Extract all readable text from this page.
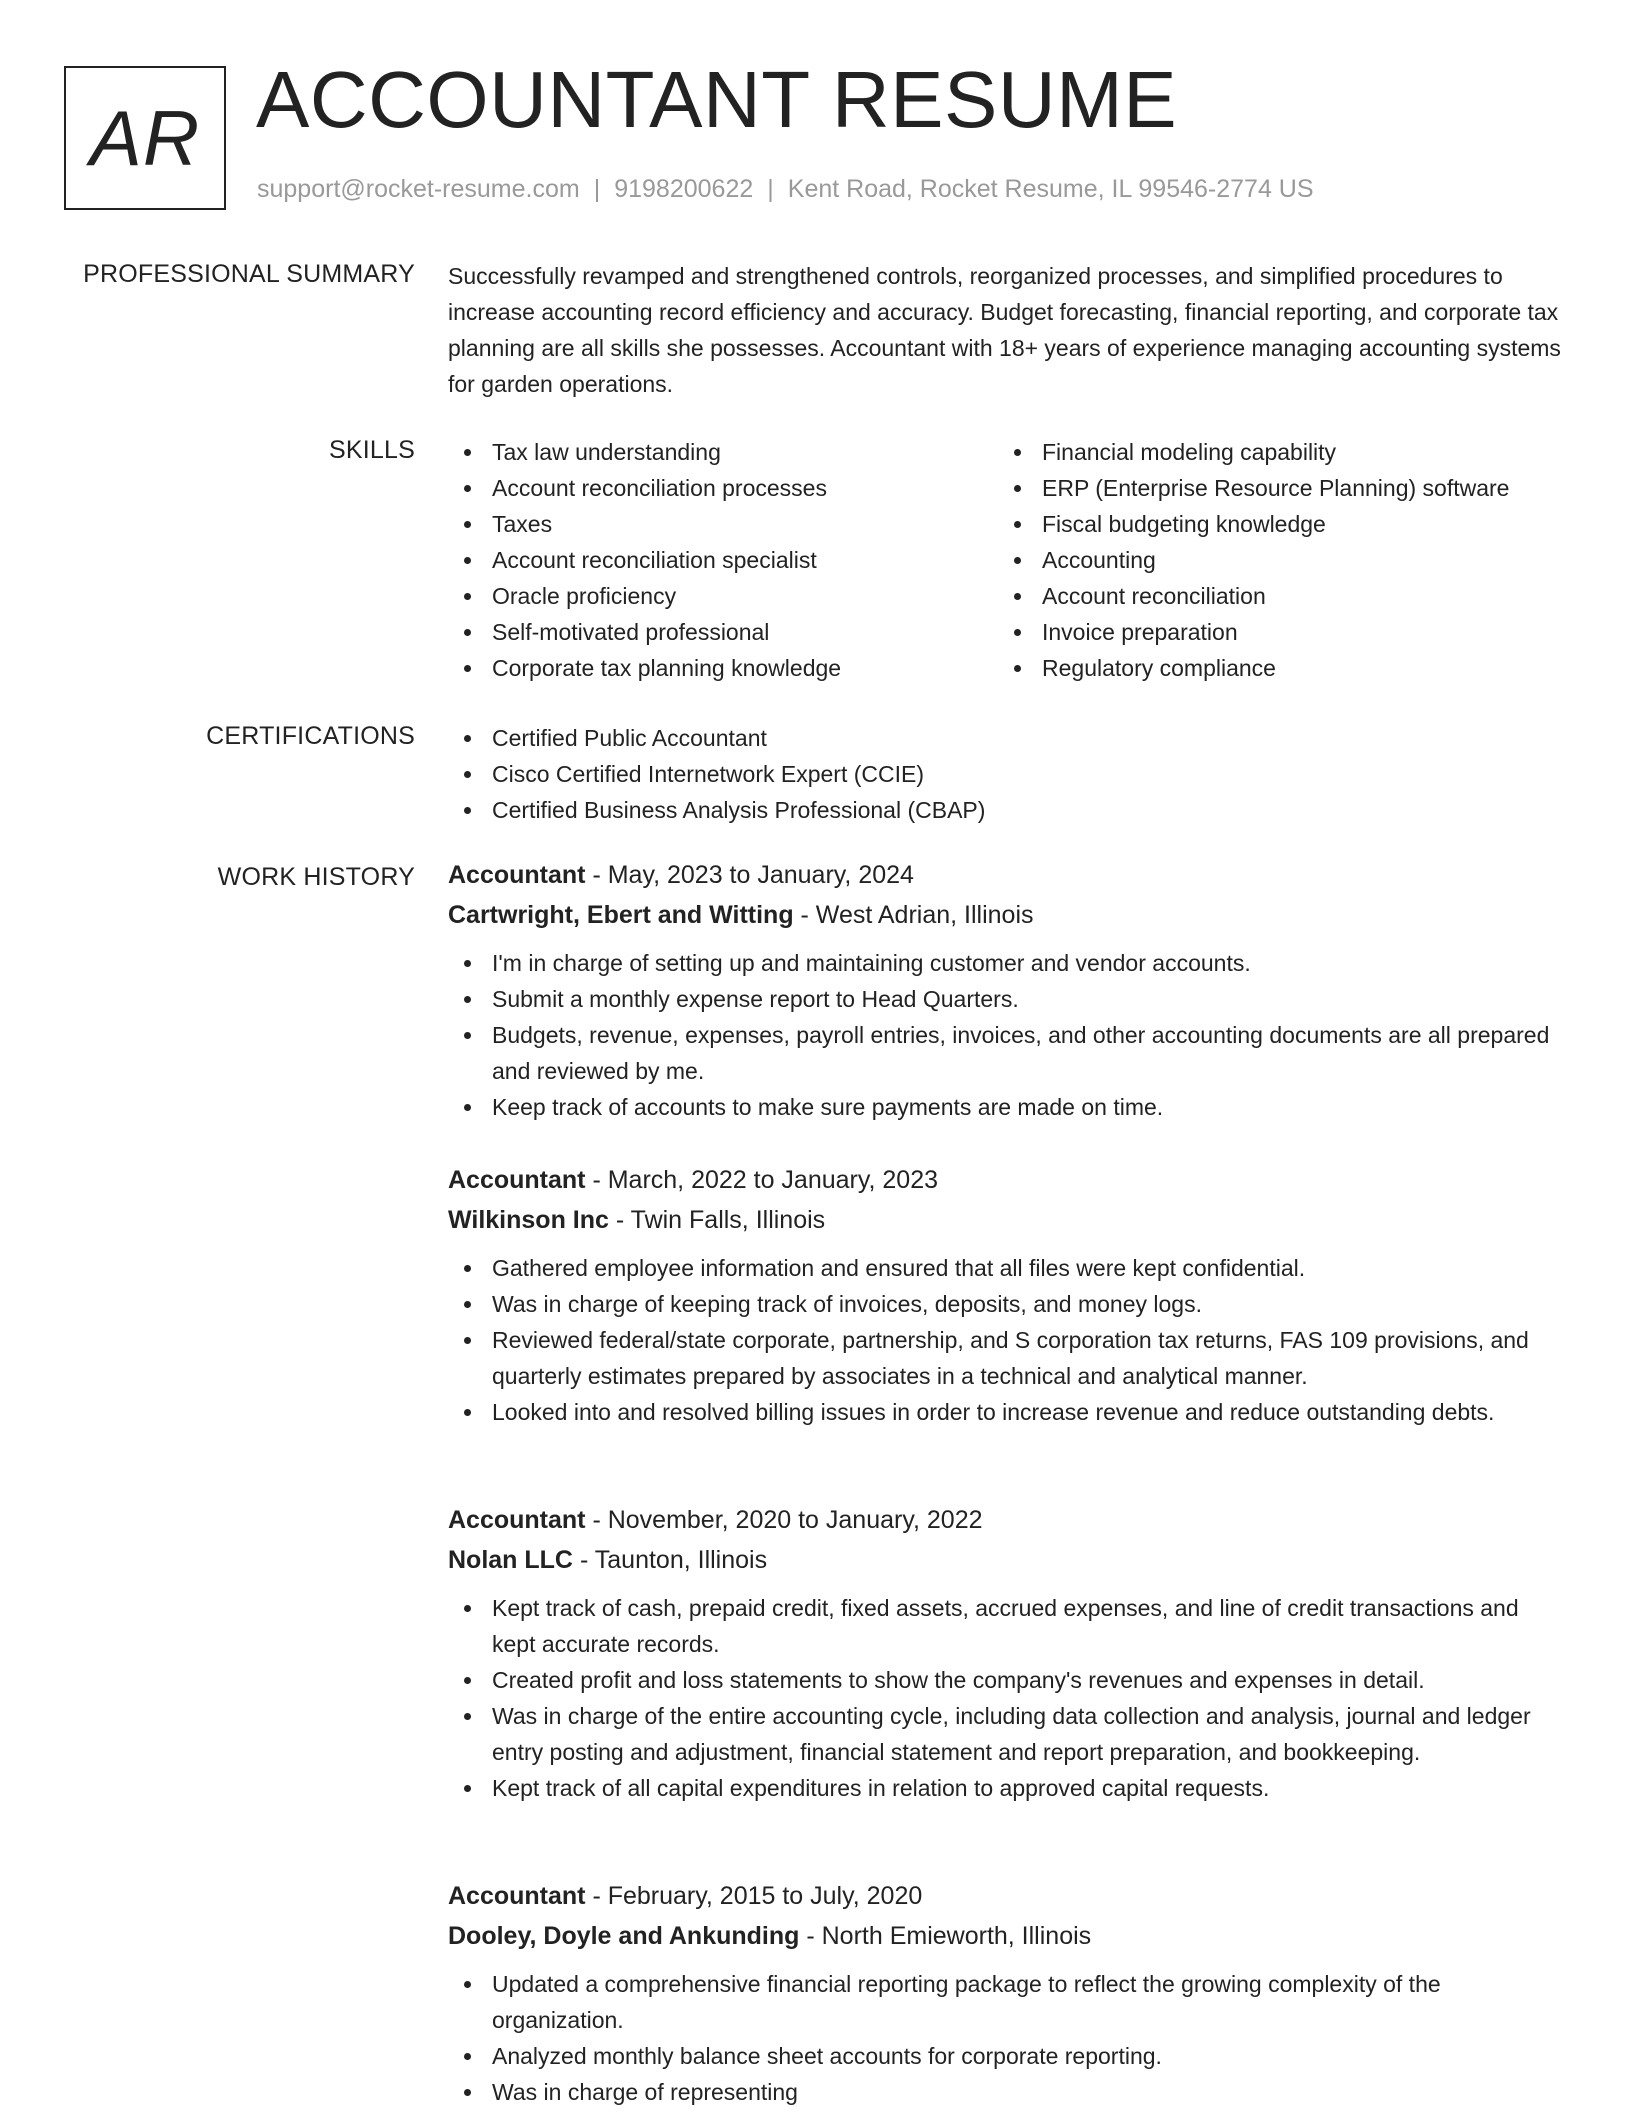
AR ACCOUNTANT RESUME
support@rocket-resume.com | 9198200622 | Kent Road, Rocket Resume, IL 99546-2774 US
PROFESSIONAL SUMMARY Successfully revamped and strengthened controls, reorganized processes, and simplified procedures to increase accounting record efficiency and accuracy. Budget forecasting, financial reporting, and corporate tax planning are all skills she possesses. Accountant with 18+ years of experience managing accounting systems for garden operations.
SKILLS	Tax law understanding
Account reconciliation processes
Taxes
Account reconciliation specialist
Oracle proficiency
Self-motivated professional
Corporate tax planning knowledge
Financial modeling capability
ERP (Enterprise Resource Planning) software
Fiscal budgeting knowledge
Accounting
Account reconciliation
Invoice preparation
Regulatory compliance
CERTIFICATIONS	Certified Public Accountant
Cisco Certified Internetwork Expert (CCIE)
Certified Business Analysis Professional (CBAP)
WORK HISTORY Accountant - May, 2023 to January, 2024
Cartwright, Ebert and Witting - West Adrian, Illinois
I'm in charge of setting up and maintaining customer and vendor accounts.
Submit a monthly expense report to Head Quarters.
Budgets, revenue, expenses, payroll entries, invoices, and other accounting documents are all prepared and reviewed by me.
Keep track of accounts to make sure payments are made on time.
Accountant - March, 2022 to January, 2023
Wilkinson Inc - Twin Falls, Illinois
Gathered employee information and ensured that all files were kept confidential.
Was in charge of keeping track of invoices, deposits, and money logs.
Reviewed federal/state corporate, partnership, and S corporation tax returns, FAS 109 provisions, and quarterly estimates prepared by associates in a technical and analytical manner.
Looked into and resolved billing issues in order to increase revenue and reduce outstanding debts.
Accountant - November, 2020 to January, 2022
Nolan LLC - Taunton, Illinois
Kept track of cash, prepaid credit, fixed assets, accrued expenses, and line of credit transactions and kept accurate records.
Created profit and loss statements to show the company's revenues and expenses in detail.
Was in charge of the entire accounting cycle, including data collection and analysis, journal and ledger entry posting and adjustment, financial statement and report preparation, and bookkeeping.
Kept track of all capital expenditures in relation to approved capital requests.
Accountant - February, 2015 to July, 2020
Dooley, Doyle and Ankunding - North Emieworth, Illinois
Updated a comprehensive financial reporting package to reflect the growing complexity of the organization.
Analyzed monthly balance sheet accounts for corporate reporting.
Was in charge of representing
